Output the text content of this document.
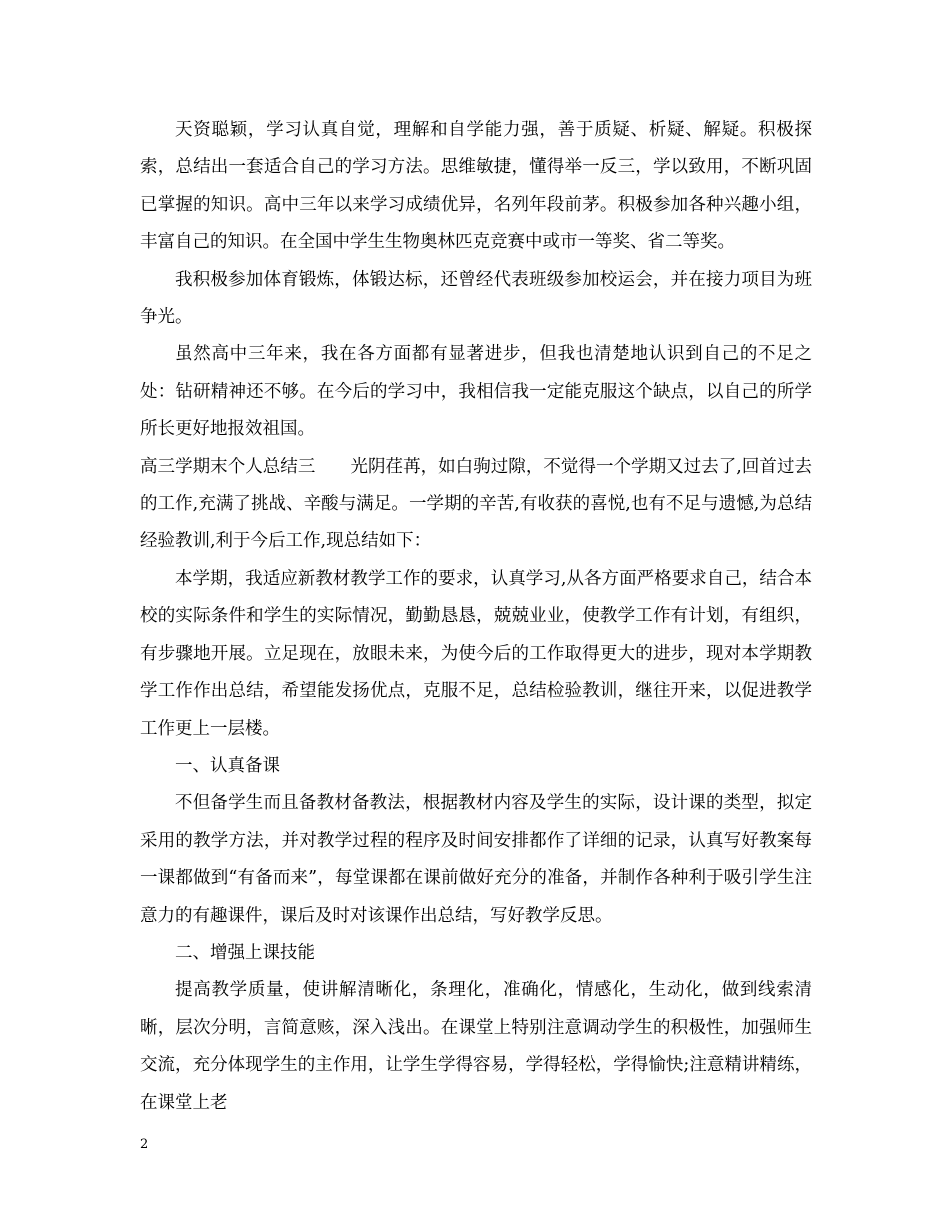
天资聪颖，学习认真自觉，理解和自学能力强，善于质疑、析疑、解疑。积极探索，总结出一套适合自己的学习方法。思维敏捷，懂得举一反三，学以致用，不断巩固已掌握的知识。高中三年以来学习成绩优异，名列年段前茅。积极参加各种兴趣小组，丰富自己的知识。在全国中学生生物奥林匹克竞赛中或市一等奖、省二等奖。

我积极参加体育锻炼，体锻达标，还曾经代表班级参加校运会，并在接力项目为班争光。

虽然高中三年来，我在各方面都有显著进步，但我也清楚地认识到自己的不足之处：钻研精神还不够。在今后的学习中，我相信我一定能克服这个缺点，以自己的所学所长更好地报效祖国。

高三学期末个人总结三　　光阴荏苒，如白驹过隙，不觉得一个学期又过去了,回首过去的工作,充满了挑战、辛酸与满足。一学期的辛苦,有收获的喜悦,也有不足与遗憾,为总结经验教训,利于今后工作,现总结如下：

本学期，我适应新教材教学工作的要求，认真学习,从各方面严格要求自己，结合本校的实际条件和学生的实际情况，勤勤恳恳，兢兢业业，使教学工作有计划，有组织，有步骤地开展。立足现在，放眼未来，为使今后的工作取得更大的进步，现对本学期教学工作作出总结，希望能发扬优点，克服不足，总结检验教训，继往开来，以促进教学工作更上一层楼。

一、认真备课

不但备学生而且备教材备教法，根据教材内容及学生的实际，设计课的类型，拟定采用的教学方法，并对教学过程的程序及时间安排都作了详细的记录，认真写好教案每一课都做到“有备而来”，每堂课都在课前做好充分的准备，并制作各种利于吸引学生注意力的有趣课件，课后及时对该课作出总结，写好教学反思。

二、增强上课技能

提高教学质量，使讲解清晰化，条理化，准确化，情感化，生动化，做到线索清晰，层次分明，言简意赅，深入浅出。在课堂上特别注意调动学生的积极性，加强师生交流，充分体现学生的主作用，让学生学得容易，学得轻松，学得愉快;注意精讲精练，在课堂上老

2
